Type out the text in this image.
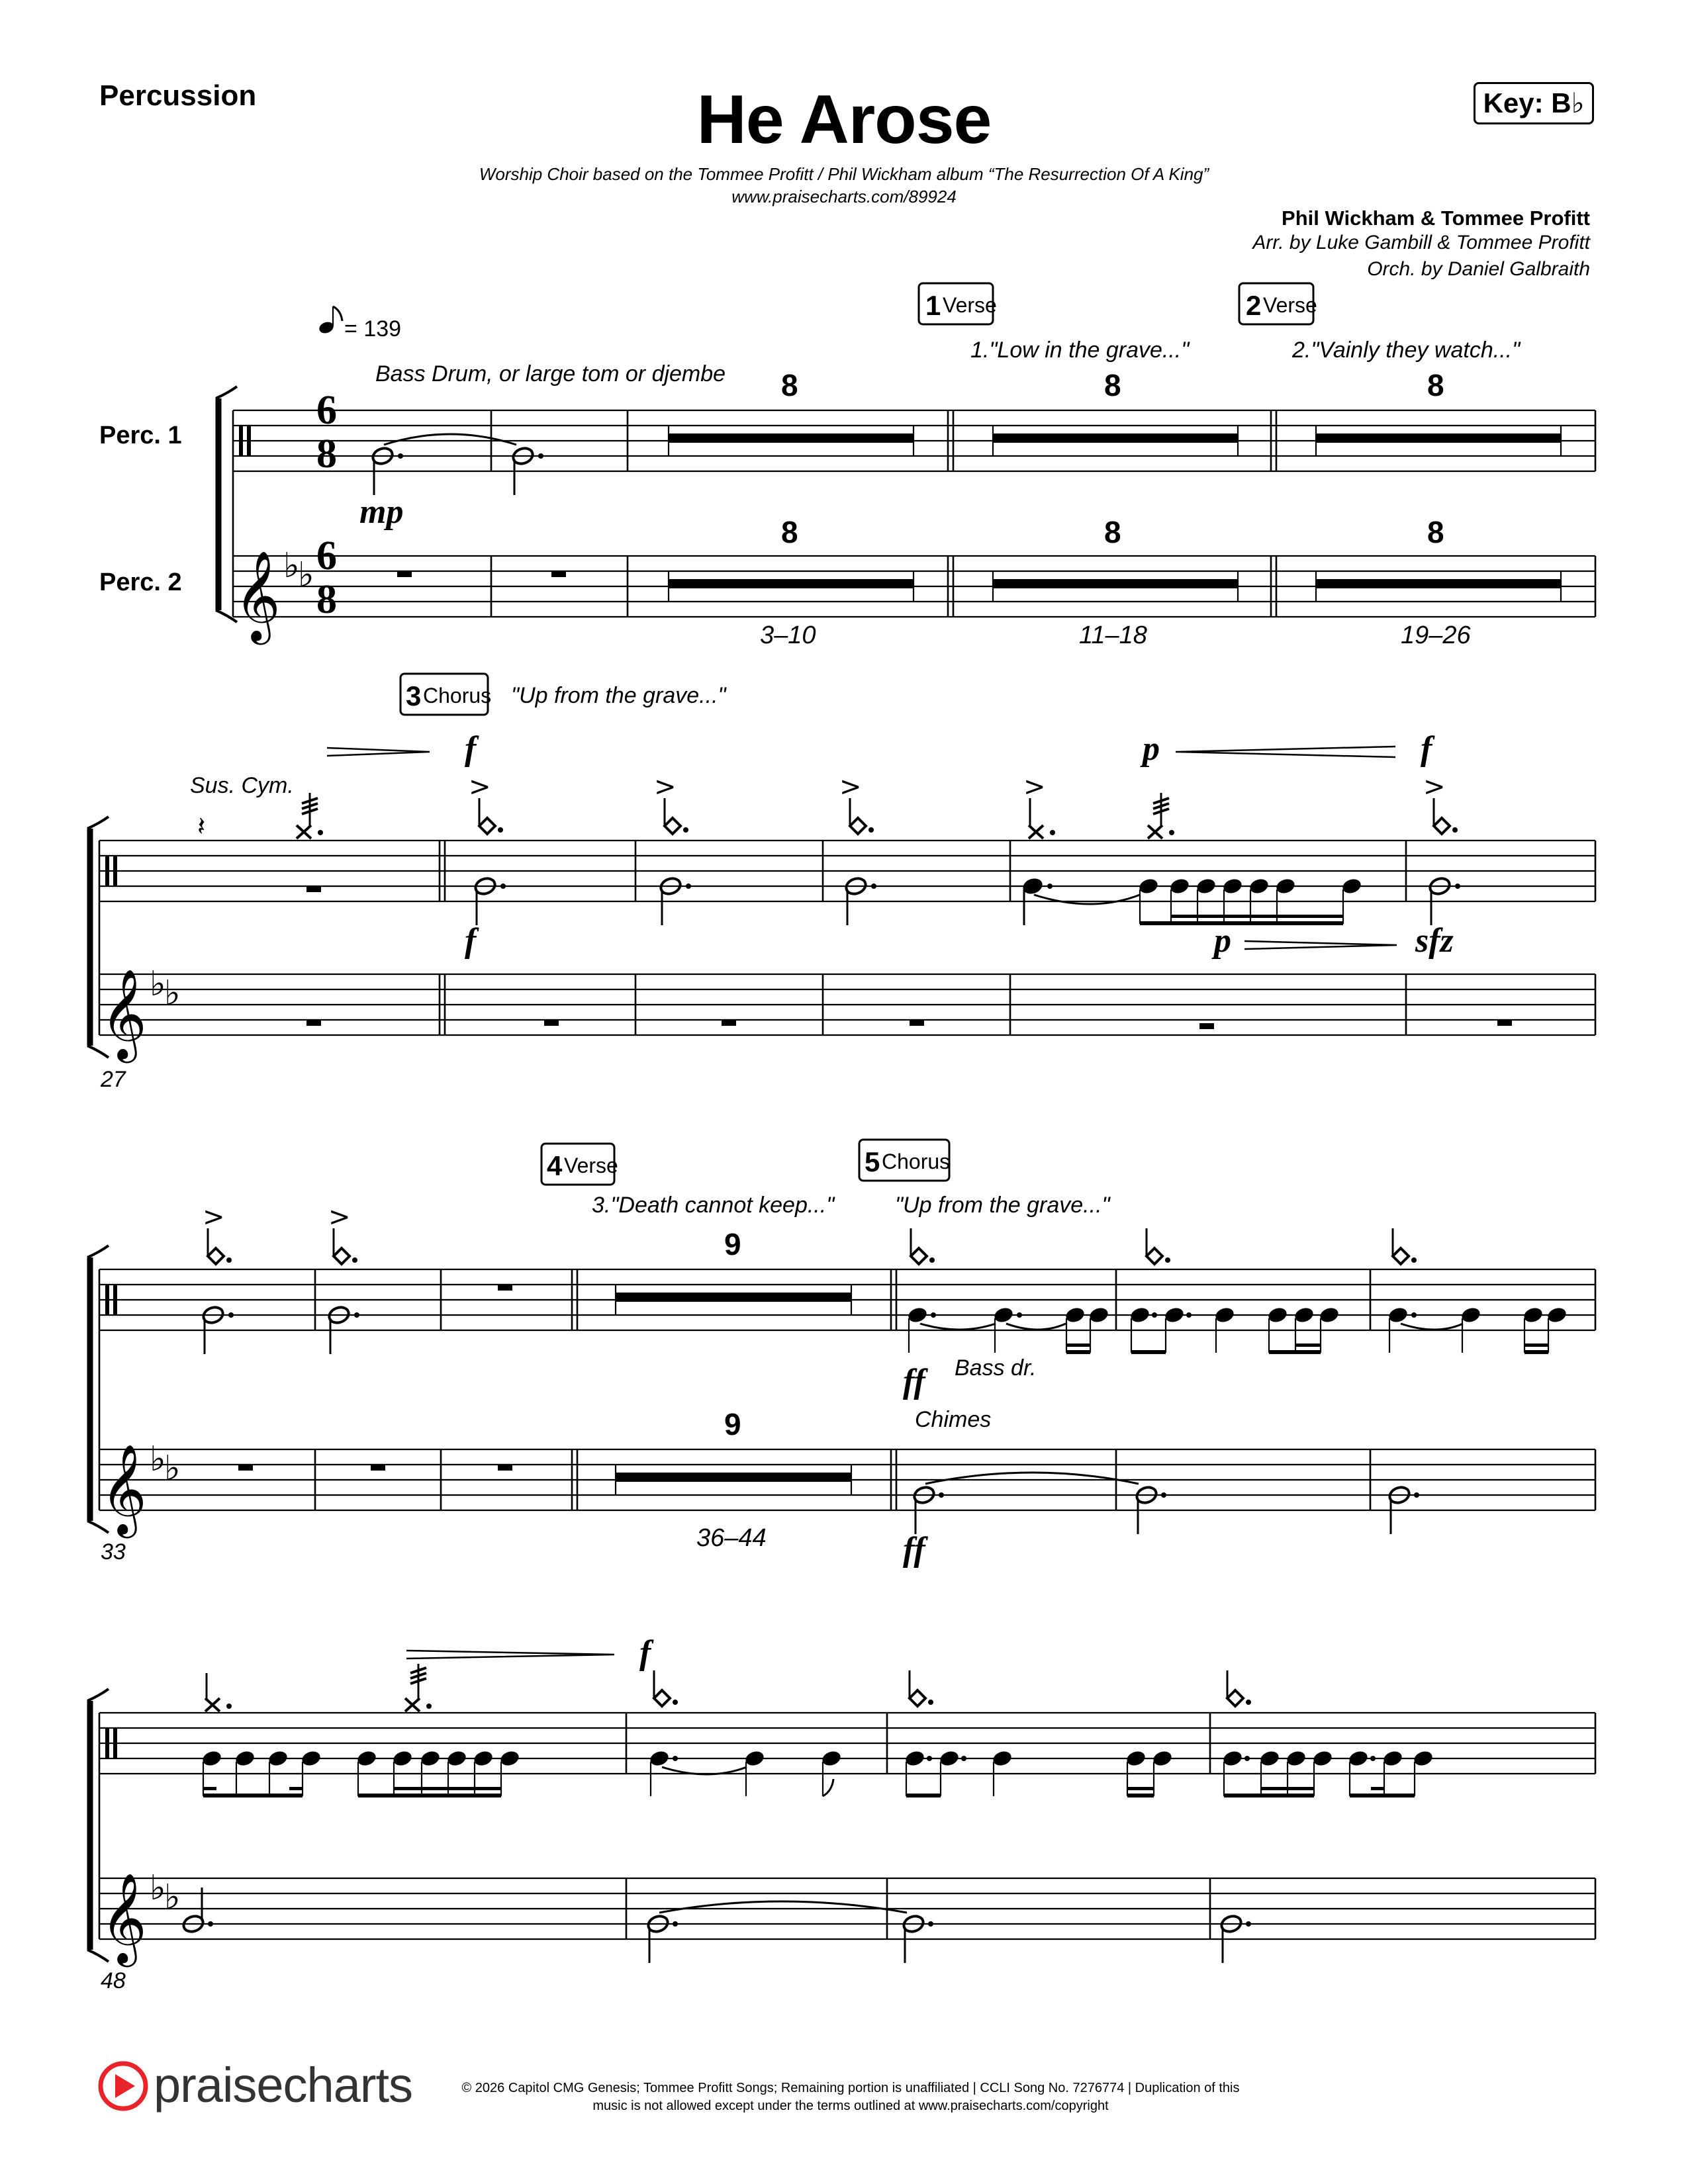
Percussion	He Arose	Key: B♭
Worship Choir based on the Tommee Profitt / Phil Wickham album “The Resurrection Of A King”
www.praisecharts.com/89924
Phil Wickham & Tommee Profitt
Arr. by Luke Gambill & Tommee Profitt
Orch. by Daniel Galbraith
= 139
Bass Drum, or large tom or djembe
1 Verse
1."Low in the grave..."
2 Verse
2."Vainly they watch..."
Perc. 1
Perc. 2 𝄞 ♭
♭
6
8
6
8
mp
8
8
3–10
8
8
11–18
8
8
19–26
3 Chorus "Up from the grave..."
f	p	f
Sus. Cym.
𝄞 ♭
♭
𝄽
>
f
>	>	>
p
>
sfz
27
4 Verse
3."Death cannot keep..."
5 Chorus
"Up from the grave..."
𝄞 ♭
♭
>	>
9
9
36–44
ff Bass dr.
Chimes
ff
33
f
𝄞 ♭
♭
48
praisecharts	© 2026 Capitol CMG Genesis; Tommee Profitt Songs; Remaining portion is unaffiliated | CCLI Song No. 7276774 | Duplication of this
music is not allowed except under the terms outlined at www.praisecharts.com/copyright
